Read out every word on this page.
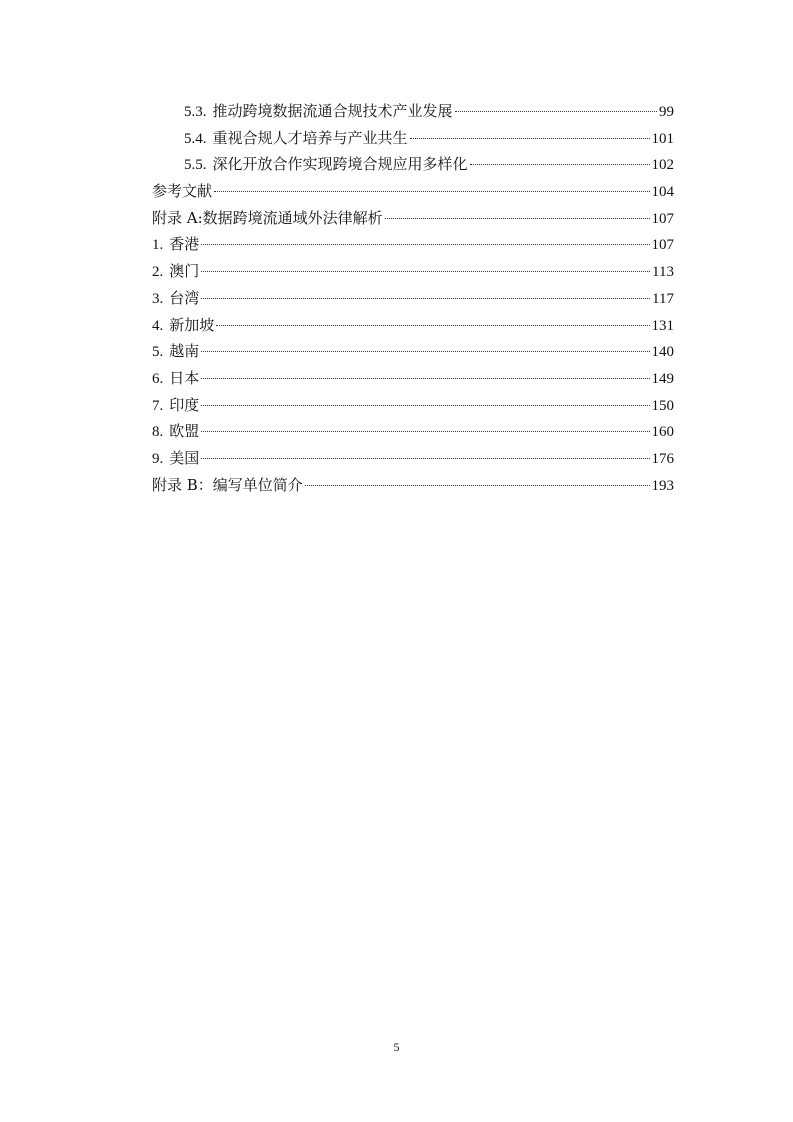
5.3. 推动跨境数据流通合规技术产业发展	99
5.4. 重视合规人才培养与产业共生	101
5.5. 深化开放合作实现跨境合规应用多样化	102
参考文献	104
附录 A:数据跨境流通域外法律解析	107
1. 香港	107
2. 澳门	113
3. 台湾	117
4. 新加坡	131
5. 越南	140
6. 日本	149
7. 印度	150
8. 欧盟	160
9. 美国	176
附录 B：编写单位简介	193
5
